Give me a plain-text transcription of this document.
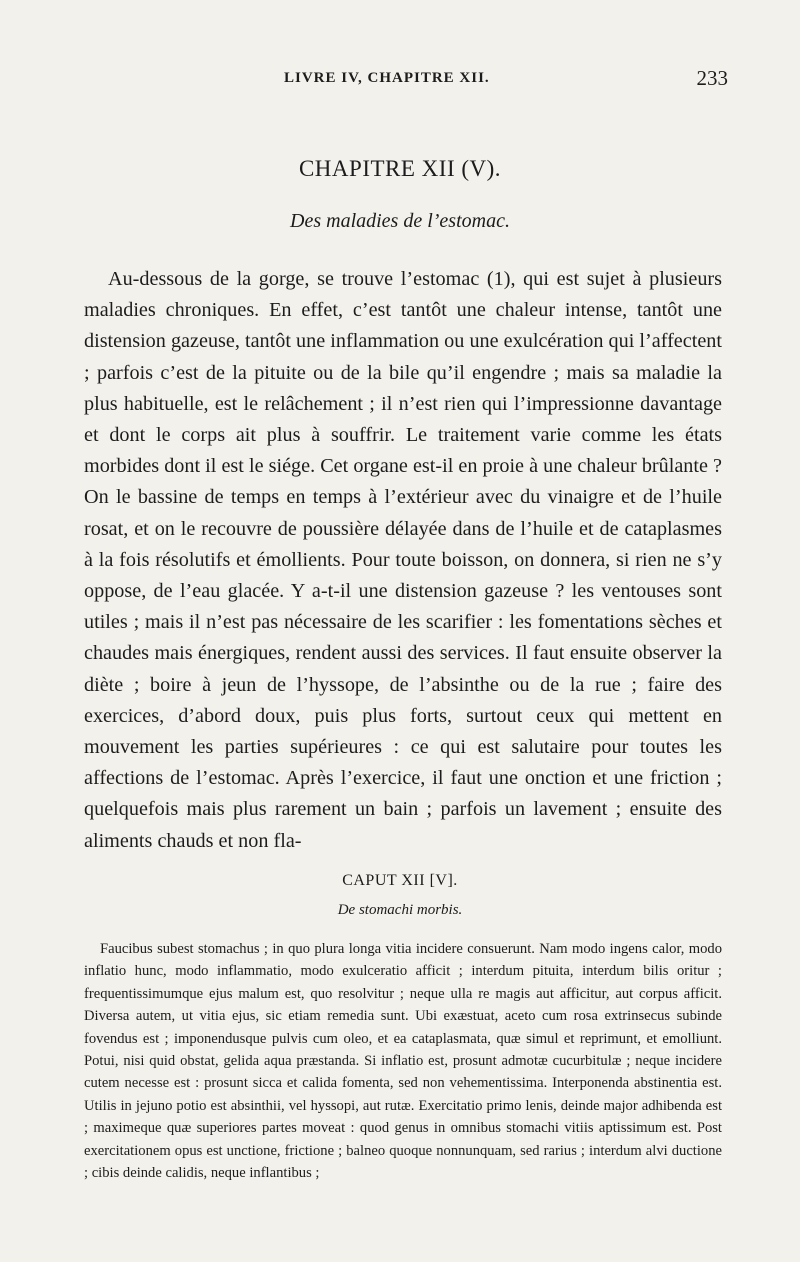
LIVRE IV, CHAPITRE XII.	233
CHAPITRE XII (V).
Des maladies de l’estomac.

Au-dessous de la gorge, se trouve l’estomac (1), qui est sujet à plusieurs maladies chroniques. En effet, c’est tantôt une chaleur intense, tantôt une distension gazeuse, tantôt une inflammation ou une exulcération qui l’affectent ; parfois c’est de la pituite ou de la bile qu’il engendre ; mais sa maladie la plus habituelle, est le relâchement ; il n’est rien qui l’impressionne davantage et dont le corps ait plus à souffrir. Le traitement varie comme les états morbides dont il est le siége. Cet organe est-il en proie à une chaleur brûlante ? On le bassine de temps en temps à l’extérieur avec du vinaigre et de l’huile rosat, et on le recouvre de poussière délayée dans de l’huile et de cataplasmes à la fois résolutifs et émollients. Pour toute boisson, on donnera, si rien ne s’y oppose, de l’eau glacée. Y a-t-il une distension gazeuse ? les ventouses sont utiles ; mais il n’est pas nécessaire de les scarifier : les fomentations sèches et chaudes mais énergiques, rendent aussi des services. Il faut ensuite observer la diète ; boire à jeun de l’hyssope, de l’absinthe ou de la rue ; faire des exercices, d’abord doux, puis plus forts, surtout ceux qui mettent en mouvement les parties supérieures : ce qui est salutaire pour toutes les affections de l’estomac. Après l’exercice, il faut une onction et une friction ; quelquefois mais plus rarement un bain ; parfois un lavement ; ensuite des aliments chauds et non fla-

CAPUT XII [V].
De stomachi morbis.

Faucibus subest stomachus ; in quo plura longa vitia incidere consuerunt. Nam modo ingens calor, modo inflatio hunc, modo inflammatio, modo exulceratio afficit ; interdum pituita, interdum bilis oritur ; frequentissimumque ejus malum est, quo resolvitur ; neque ulla re magis aut afficitur, aut corpus afficit. Diversa autem, ut vitia ejus, sic etiam remedia sunt. Ubi exæstuat, aceto cum rosa extrinsecus subinde fovendus est ; imponendusque pulvis cum oleo, et ea cataplasmata, quæ simul et reprimunt, et emolliunt. Potui, nisi quid obstat, gelida aqua præstanda. Si inflatio est, prosunt admotæ cucurbitulæ ; neque incidere cutem necesse est : prosunt sicca et calida fomenta, sed non vehementissima. Interponenda abstinentia est. Utilis in jejuno potio est absinthii, vel hyssopi, aut rutæ. Exercitatio primo lenis, deinde major adhibenda est ; maximeque quæ superiores partes moveat : quod genus in omnibus stomachi vitiis aptissimum est. Post exercitationem opus est unctione, frictione ; balneo quoque nonnunquam, sed rarius ; interdum alvi ductione ; cibis deinde calidis, neque inflantibus ;
